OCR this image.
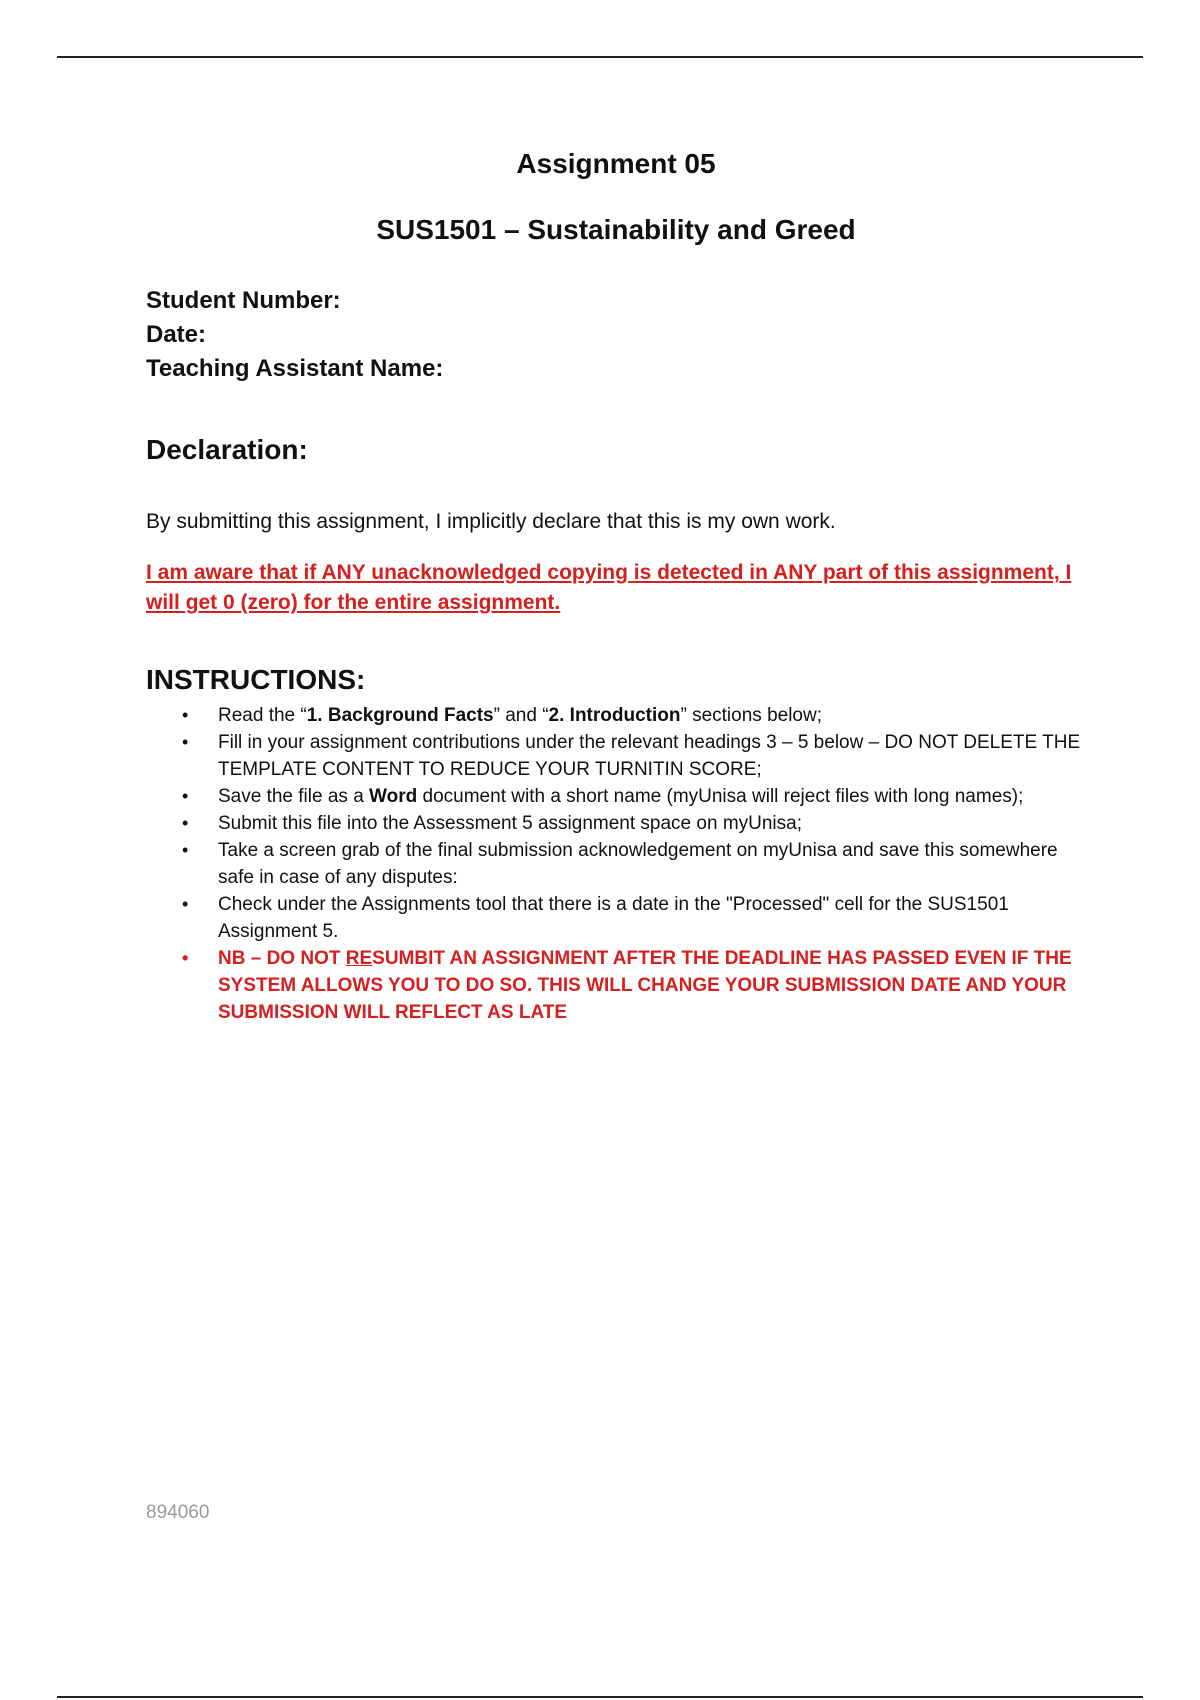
Assignment 05
SUS1501 – Sustainability and Greed
Student Number:
Date:
Teaching Assistant Name:
Declaration:
By submitting this assignment, I implicitly declare that this is my own work.
I am aware that if ANY unacknowledged copying is detected in ANY part of this assignment, I will get 0 (zero) for the entire assignment.
INSTRUCTIONS:
• Read the “1. Background Facts” and “2. Introduction” sections below;
• Fill in your assignment contributions under the relevant headings 3 – 5 below – DO NOT DELETE THE TEMPLATE CONTENT TO REDUCE YOUR TURNITIN SCORE;
• Save the file as a Word document with a short name (myUnisa will reject files with long names);
• Submit this file into the Assessment 5 assignment space on myUnisa;
• Take a screen grab of the final submission acknowledgement on myUnisa and save this somewhere safe in case of any disputes:
• Check under the Assignments tool that there is a date in the "Processed" cell for the SUS1501 Assignment 5.
• NB – DO NOT RESUMBIT AN ASSIGNMENT AFTER THE DEADLINE HAS PASSED EVEN IF THE SYSTEM ALLOWS YOU TO DO SO. THIS WILL CHANGE YOUR SUBMISSION DATE AND YOUR SUBMISSION WILL REFLECT AS LATE
894060
